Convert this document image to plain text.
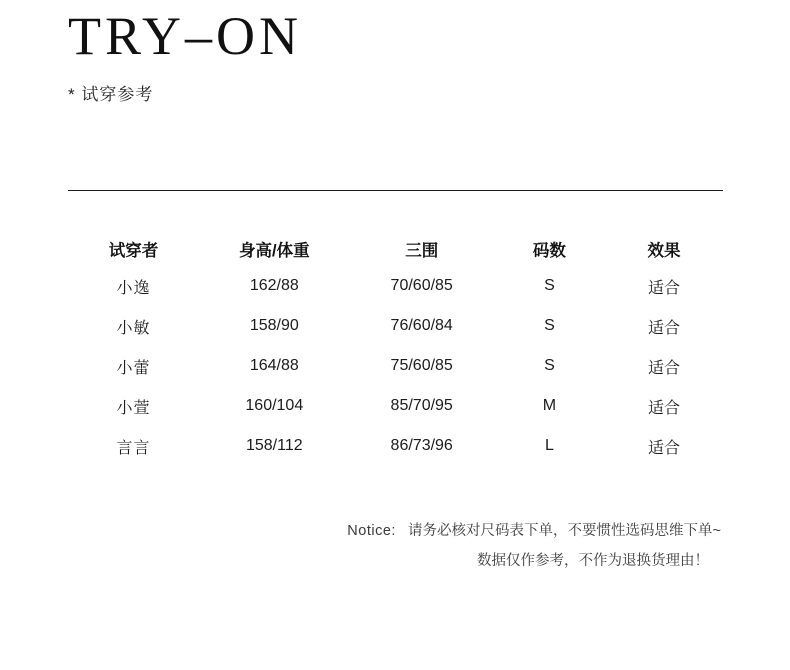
TRY–ON
* 试穿参考
试穿者	身高/体重	三围	码数	效果
小逸	162/88	70/60/85	S	适合
小敏	158/90	76/60/84	S	适合
小蕾	164/88	75/60/85	S	适合
小萱	160/104	85/70/95	M	适合
言言	158/112	86/73/96	L	适合
Notice: 请务必核对尺码表下单，不要惯性选码思维下单~
数据仅作参考，不作为退换货理由！
